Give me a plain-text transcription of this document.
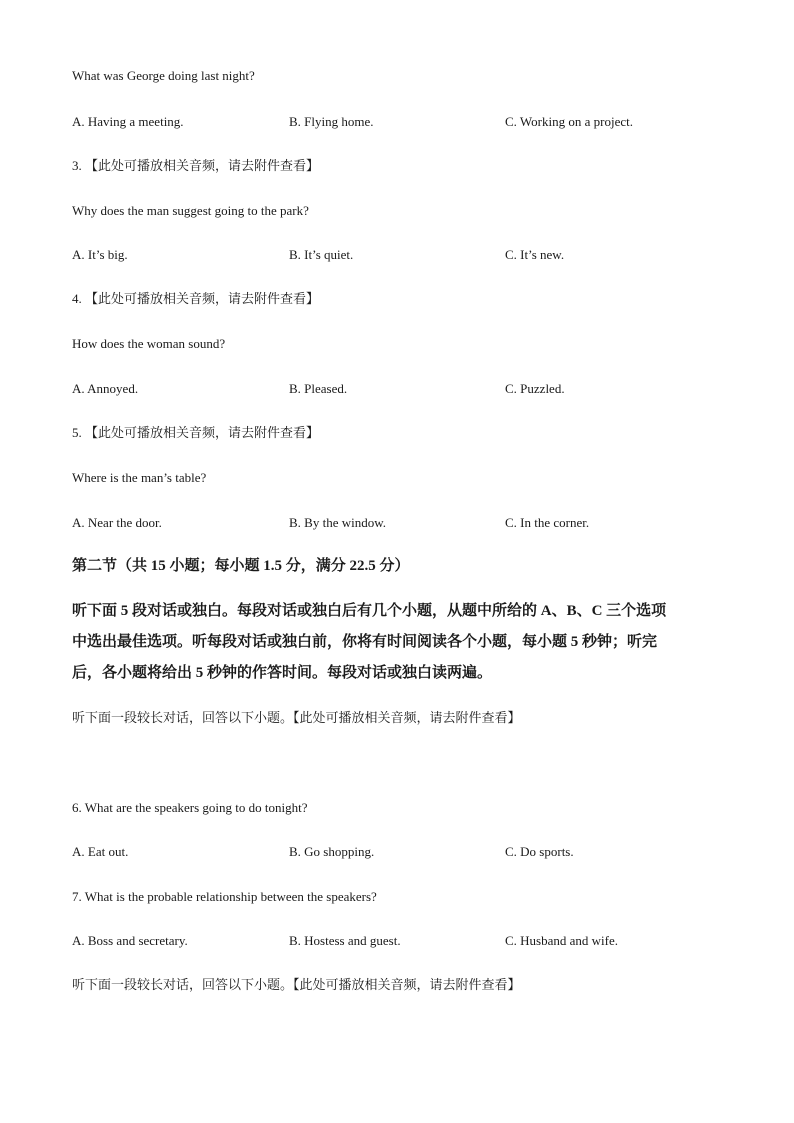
What was George doing last night?
A. Having a meeting.	B. Flying home.	C. Working on a project.
3. 【此处可播放相关音频，请去附件查看】
Why does the man suggest going to the park?
A. It’s big.	B. It’s quiet.	C. It’s new.
4. 【此处可播放相关音频，请去附件查看】
How does the woman sound?
A. Annoyed.	B. Pleased.	C. Puzzled.
5. 【此处可播放相关音频，请去附件查看】
Where is the man’s table?
A. Near the door.	B. By the window.	C. In the corner.
第二节（共 15 小题；每小题 1.5 分，满分 22.5 分）
听下面 5 段对话或独白。每段对话或独白后有几个小题，从题中所给的 A、B、C 三个选项
中选出最佳选项。听每段对话或独白前，你将有时间阅读各个小题，每小题 5 秒钟；听完
后，各小题将给出 5 秒钟的作答时间。每段对话或独白读两遍。
听下面一段较长对话，回答以下小题。【此处可播放相关音频，请去附件查看】
6. What are the speakers going to do tonight?
A. Eat out.	B. Go shopping.	C. Do sports.
7. What is the probable relationship between the speakers?
A. Boss and secretary.	B. Hostess and guest.	C. Husband and wife.
听下面一段较长对话，回答以下小题。【此处可播放相关音频，请去附件查看】
